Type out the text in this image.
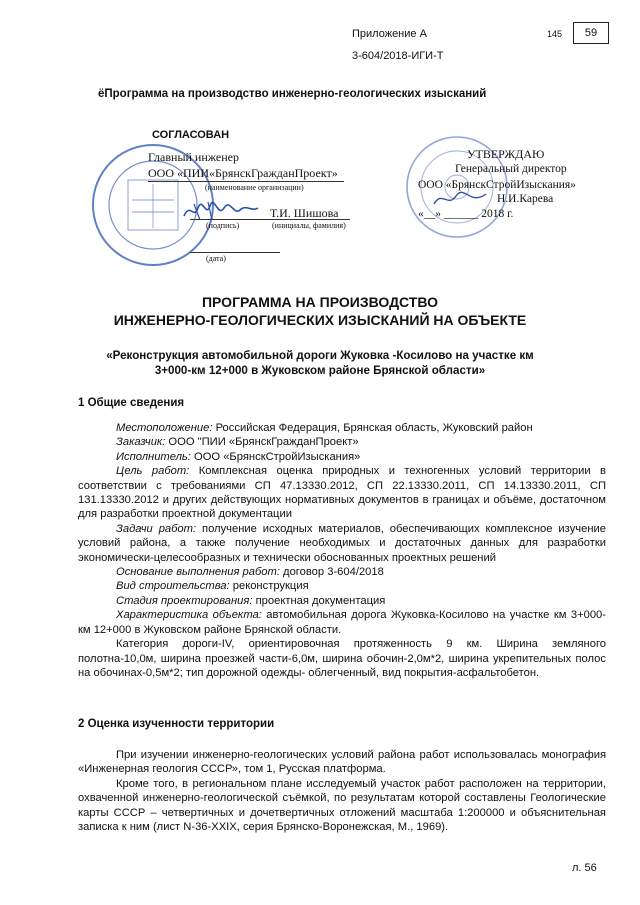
Приложение А
3-604/2018-ИГИ-Т
145	59
ёПрограмма на производство инженерно-геологических изысканий
СОГЛАСОВАН
Главный инженер
ООО «ПИИ«БрянскГражданПроект»
(наименование организации)
Т.И. Шишова
(подпись)	(инициалы, фамилия)
(дата)
УТВЕРЖДАЮ
Генеральный директор
ООО «БрянскСтройИзыскания»
Н.И.Карева
«__» ______ 2018 г.
ПРОГРАММА НА ПРОИЗВОДСТВО
ИНЖЕНЕРНО-ГЕОЛОГИЧЕСКИХ ИЗЫСКАНИЙ НА ОБЪЕКТЕ
«Реконструкция автомобильной дороги Жуковка -Косилово на участке км
3+000-км 12+000 в Жуковском районе Брянской области»
1 Общие сведения
Местоположение: Российская Федерация, Брянская область, Жуковский район
Заказчик: ООО "ПИИ «БрянскГражданПроект»
Исполнитель: ООО «БрянскСтройИзыскания»
Цель работ: Комплексная оценка природных и техногенных условий территории в соответствии с требованиями СП 47.13330.2012, СП 22.13330.2011, СП 14.13330.2011, СП 131.13330.2012 и других действующих нормативных документов в границах и объёме, достаточном для разработки проектной документации
Задачи работ: получение исходных материалов, обеспечивающих комплексное изучение условий района, а также получение необходимых и достаточных данных для разработки экономически-целесообразных и технически обоснованных проектных решений
Основание выполнения работ: договор 3-604/2018
Вид строительства: реконструкция
Стадия проектирования: проектная документация
Характеристика объекта: автомобильная дорога Жуковка-Косилово на участке км 3+000-км 12+000 в Жуковском районе Брянской области.
Категория дороги-IV, ориентировочная протяженность 9 км. Ширина земляного полотна-10,0м, ширина проезжей части-6,0м, ширина обочин-2,0м*2, ширина укрепительных полос на обочинах-0,5м*2; тип дорожной одежды- облегченный, вид покрытия-асфальтобетон.
2 Оценка изученности территории
При изучении инженерно-геологических условий района работ использовалась монография «Инженерная геология СССР», том 1, Русская платформа.
Кроме того, в региональном плане исследуемый участок работ расположен на территории, охваченной инженерно-геологической съёмкой, по результатам которой составлены Геологические карты СССР – четвертичных и дочетвертичных отложений масштаба 1:200000 и объяснительная записка к ним (лист N-36-XXIX, серия Брянско-Воронежская, М., 1969).
л. 56
